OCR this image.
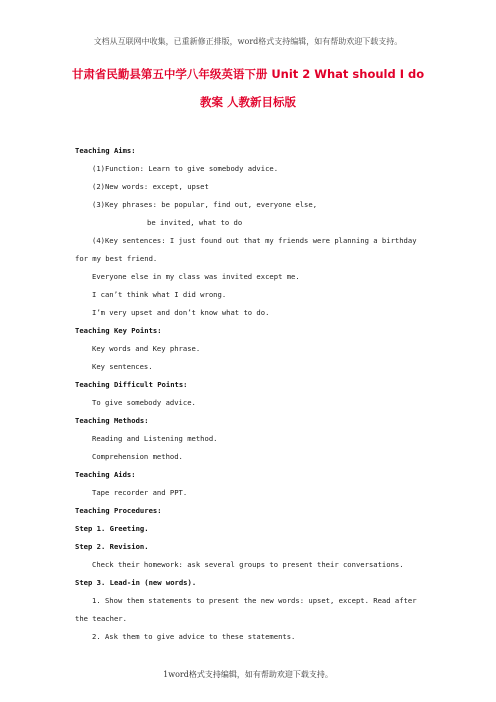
文档从互联网中收集，已重新修正排版，word格式支持编辑，如有帮助欢迎下载支持。
甘肃省民勤县第五中学八年级英语下册 Unit 2 What should I do
教案 人教新目标版
Teaching Aims:
(1)Function: Learn to give somebody advice.
(2)New words: except, upset
(3)Key phrases: be popular, find out, everyone else,
be invited, what to do
(4)Key sentences: I just found out that my friends were planning a birthday
for my best friend.
Everyone else in my class was invited except me.
I can’t think what I did wrong.
I’m very upset and don’t know what to do.
Teaching Key Points:
Key words and Key phrase.
Key sentences.
Teaching Difficult Points:
To give somebody advice.
Teaching Methods:
Reading and Listening method.
Comprehension method.
Teaching Aids:
Tape recorder and PPT.
Teaching Procedures:
Step 1. Greeting.
Step 2. Revision.
Check their homework: ask several groups to present their conversations.
Step 3. Lead-in (new words).
1. Show them statements to present the new words: upset, except. Read after
the teacher.
2. Ask them to give advice to these statements.
1word格式支持编辑，如有帮助欢迎下载支持。
